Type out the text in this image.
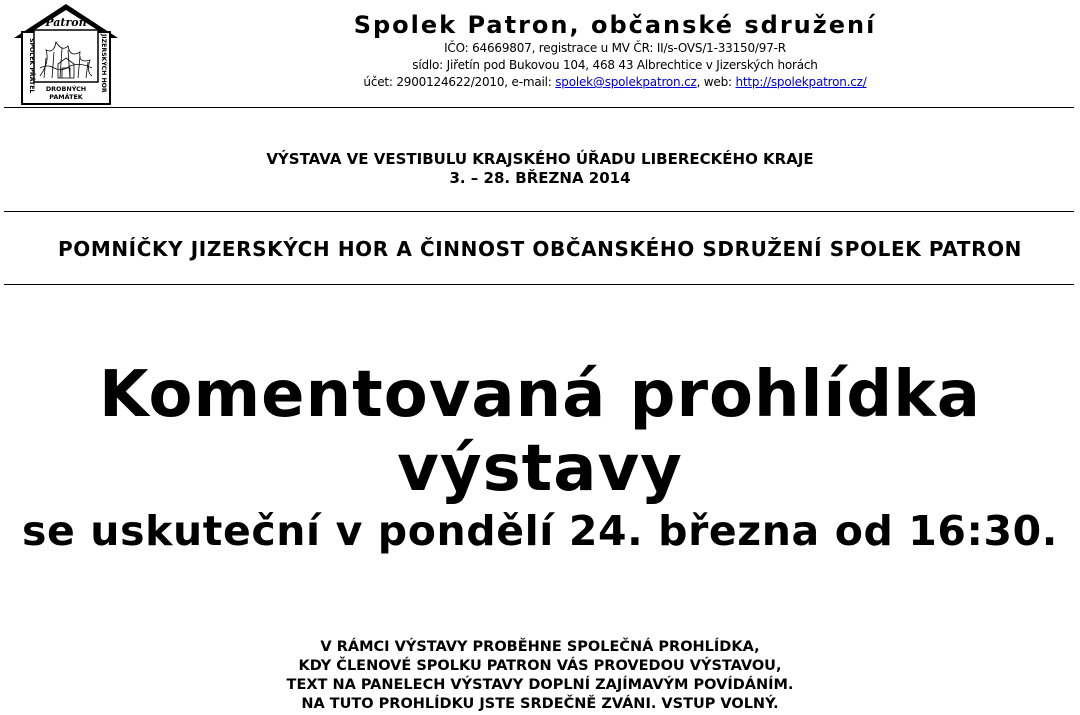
Patron
SPOLEK PŘÁTEL	JIZERSKÝCH HOR
DROBNÝCH
PAMÁTEK
Spolek Patron, občanské sdružení
IČO: 64669807, registrace u MV ČR: II/s-OVS/1-33150/97-R
sídlo: Jiřetín pod Bukovou 104, 468 43 Albrechtice v Jizerských horách
účet: 2900124622/2010, e-mail: spolek@spolekpatron.cz, web: http://spolekpatron.cz/
VÝSTAVA VE VESTIBULU KRAJSKÉHO ÚŘADU LIBERECKÉHO KRAJE
3. – 28. BŘEZNA 2014
POMNÍČKY JIZERSKÝCH HOR A ČINNOST OBČANSKÉHO SDRUŽENÍ SPOLEK PATRON
Komentovaná prohlídka
výstavy
se uskuteční v pondělí 24. března od 16:30.
V RÁMCI VÝSTAVY PROBĚHNE SPOLEČNÁ PROHLÍDKA,
KDY ČLENOVÉ SPOLKU PATRON VÁS PROVEDOU VÝSTAVOU,
TEXT NA PANELECH VÝSTAVY DOPLNÍ ZAJÍMAVÝM POVÍDÁNÍM.
NA TUTO PROHLÍDKU JSTE SRDEČNĚ ZVÁNI. VSTUP VOLNÝ.
